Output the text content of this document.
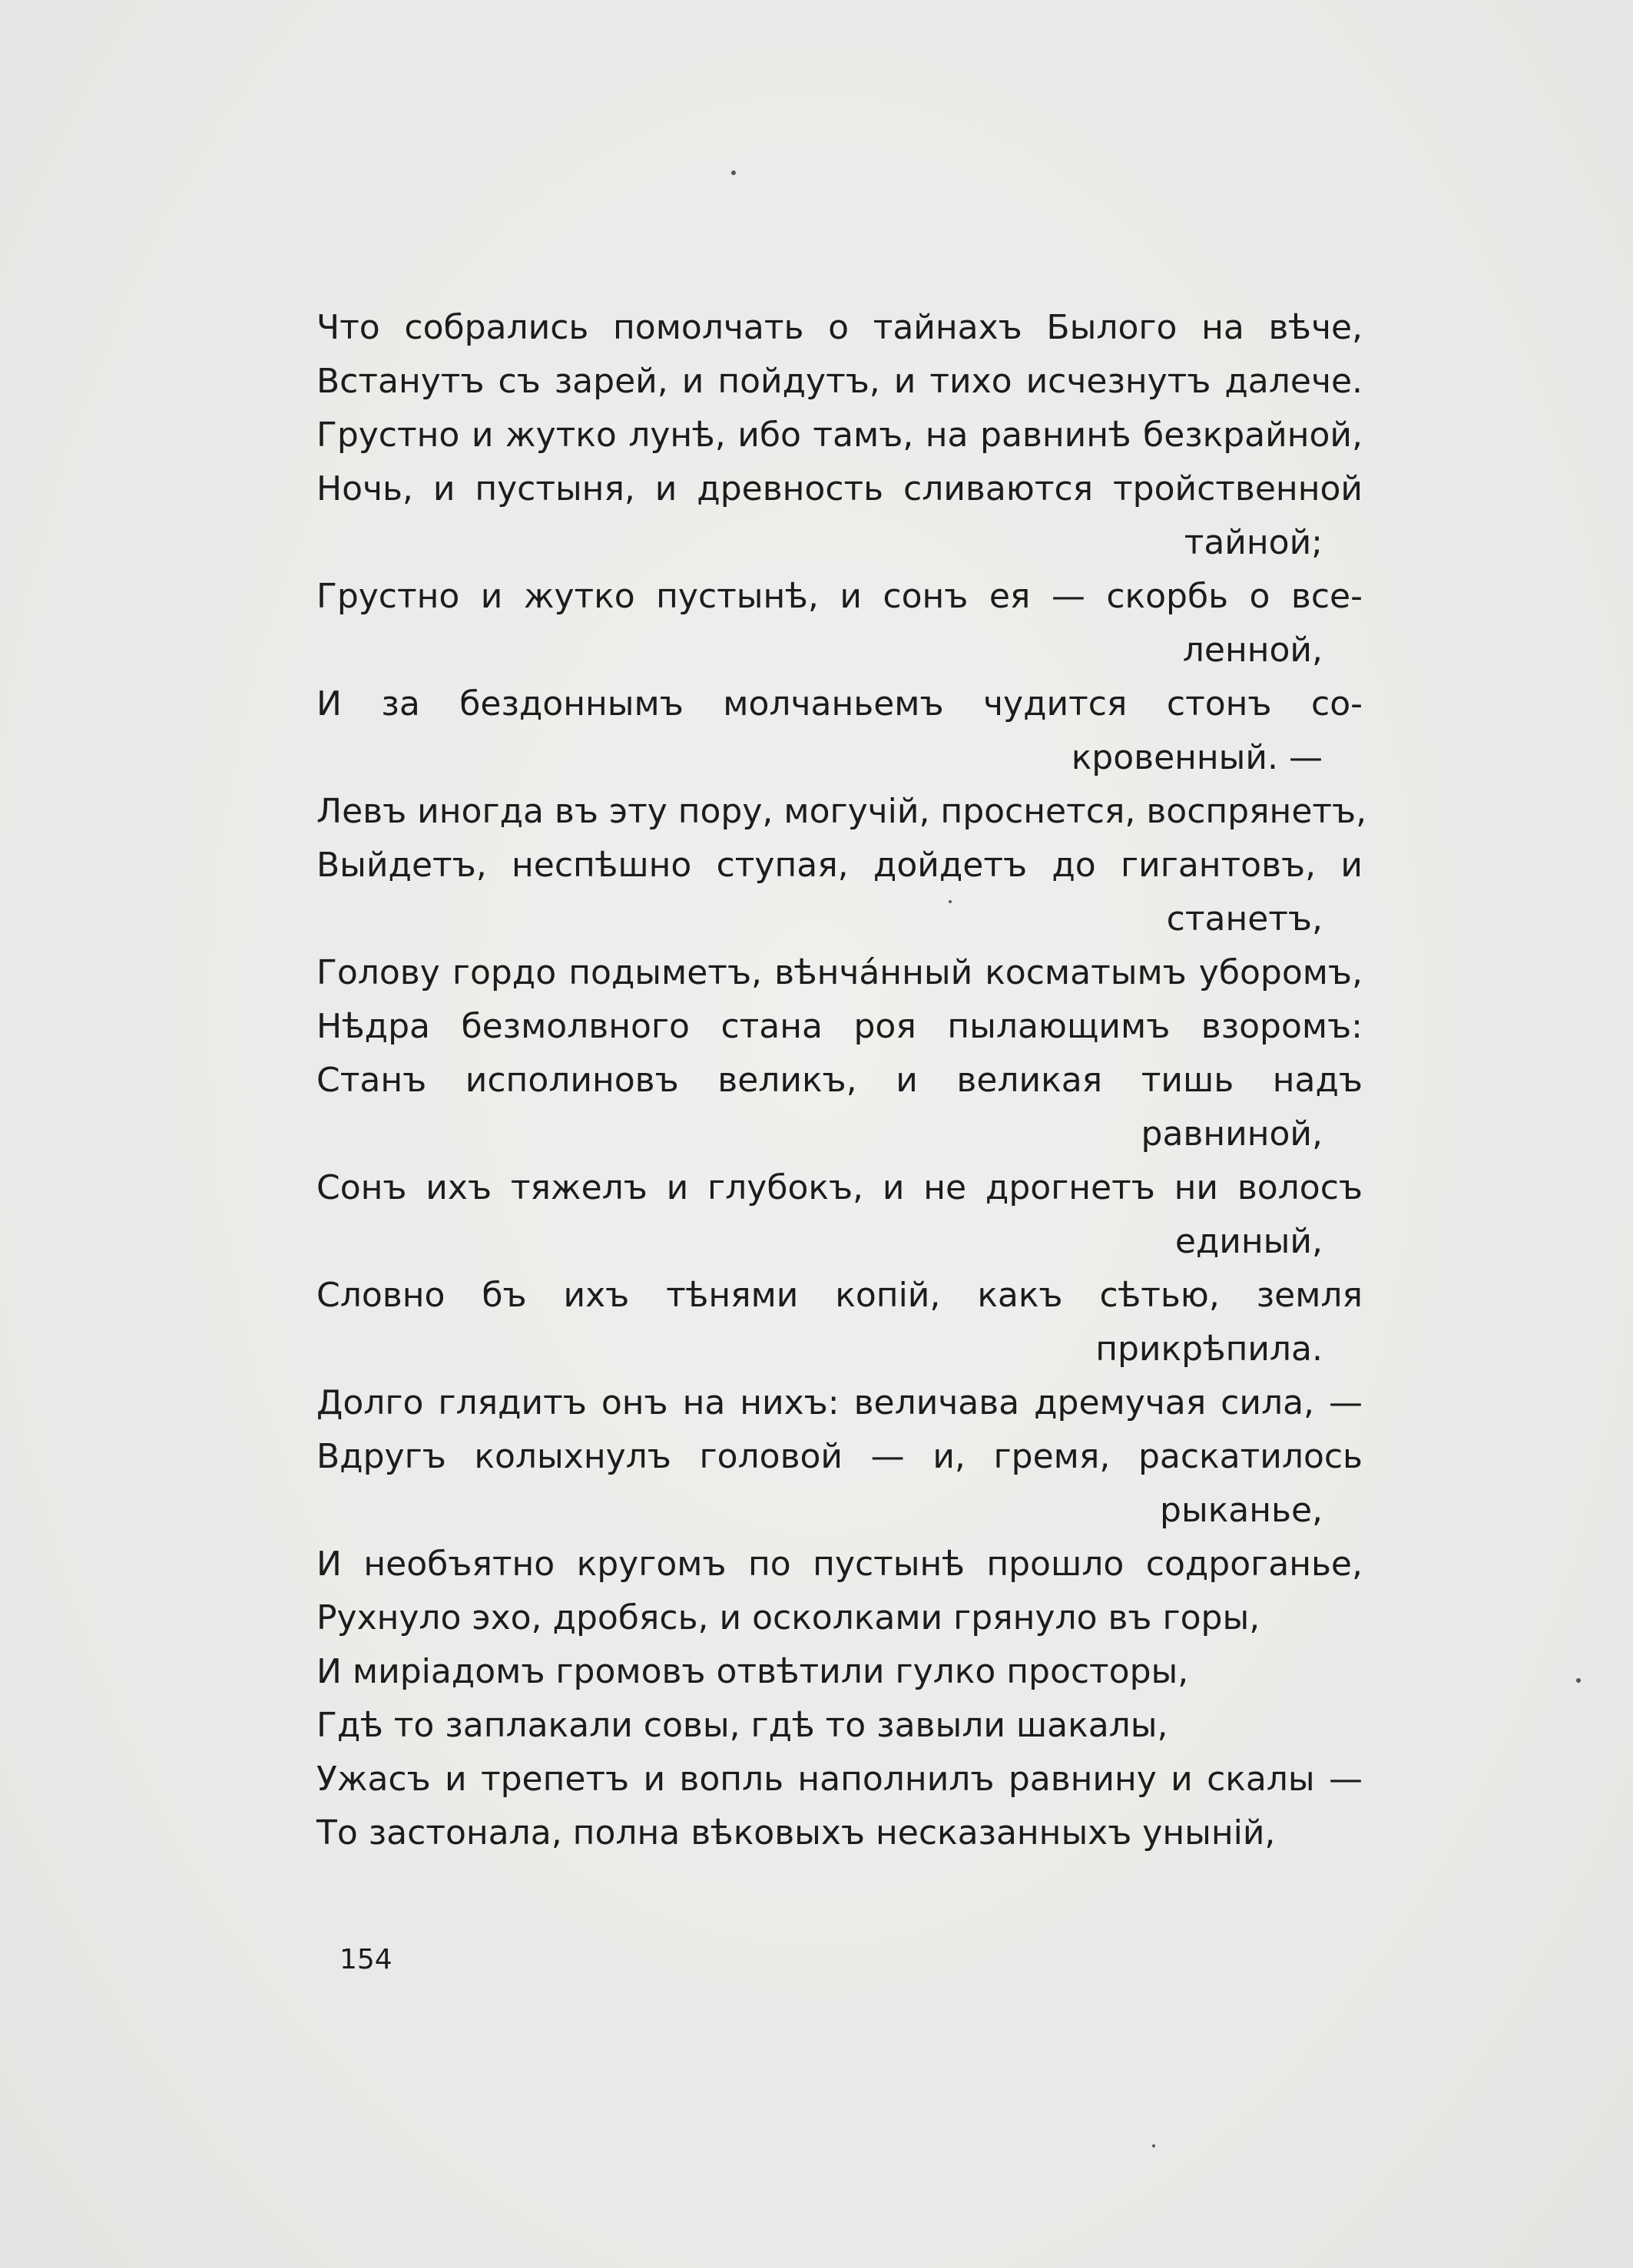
Что собрались помолчать о тайнахъ Былого на вѣче,
Встанутъ съ зарей, и пойдутъ, и тихо исчезнутъ далече.
Грустно и жутко лунѣ, ибо тамъ, на равнинѣ безкрайной,
Ночь, и пустыня, и древность сливаются тройственной
тайной;
Грустно и жутко пустынѣ, и сонъ ея — скорбь о все-
ленной,
И за бездоннымъ молчаньемъ чудится стонъ со-
кровенный. —
Левъ иногда въ эту пору, могучій, проснется, воспрянетъ,
Выйдетъ, неспѣшно ступая, дойдетъ до гигантовъ, и
станетъ,
Голову гордо подыметъ, вѣнча́нный косматымъ уборомъ,
Нѣдра безмолвного стана роя пылающимъ взоромъ:
Станъ исполиновъ великъ, и великая тишь надъ
равниной,
Сонъ ихъ тяжелъ и глубокъ, и не дрогнетъ ни волосъ
единый,
Словно бъ ихъ тѣнями копій, какъ сѣтью, земля
прикрѣпила.
Долго глядитъ онъ на нихъ: величава дремучая сила, —
Вдругъ колыхнулъ головой — и, гремя, раскатилось
рыканье,
И необъятно кругомъ по пустынѣ прошло содроганье,
Рухнуло эхо, дробясь, и осколками грянуло въ горы,
И миріадомъ громовъ отвѣтили гулко просторы,
Гдѣ то заплакали совы, гдѣ то завыли шакалы,
Ужасъ и трепетъ и вопль наполнилъ равнину и скалы —
То застонала, полна вѣковыхъ несказанныхъ уныній,
154
